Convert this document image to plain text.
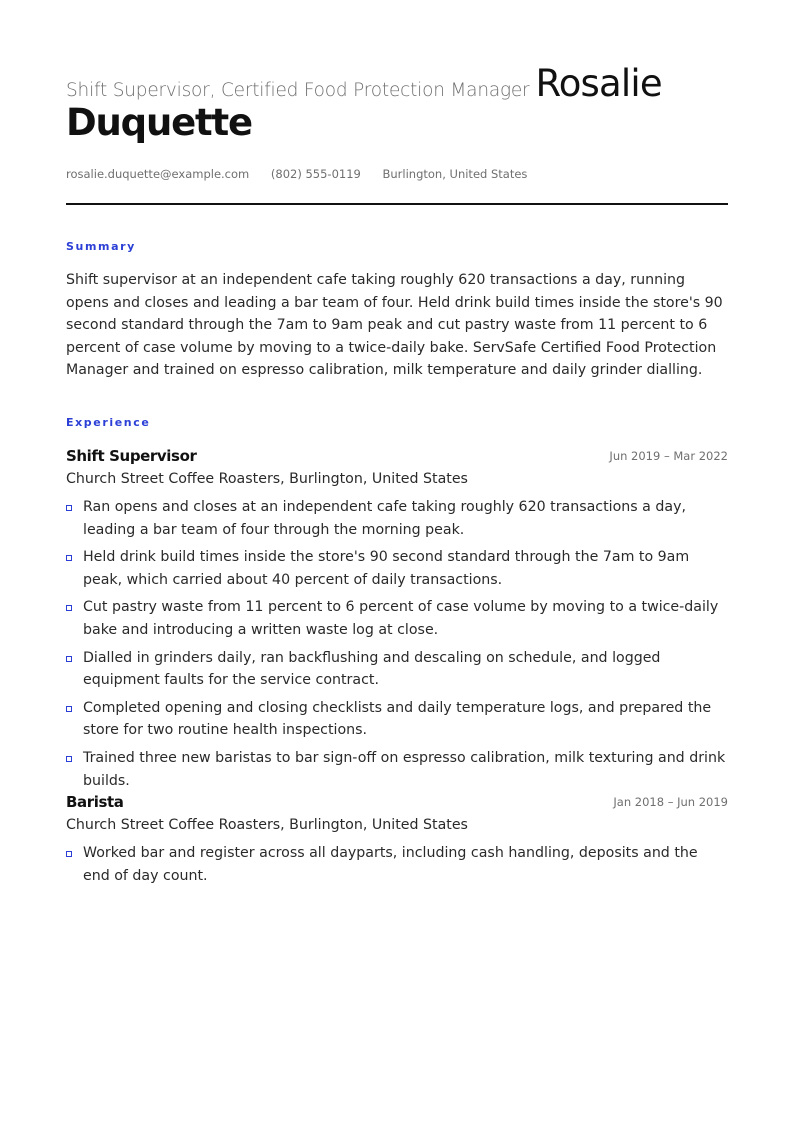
Shift Supervisor, Certified Food Protection Manager Rosalie
Duquette
rosalie.duquette@example.com (802) 555-0119 Burlington, United States
Summary
Shift supervisor at an independent cafe taking roughly 620 transactions a day, running opens and closes and leading a bar team of four. Held drink build times inside the store's 90 second standard through the 7am to 9am peak and cut pastry waste from 11 percent to 6 percent of case volume by moving to a twice-daily bake. ServSafe Certified Food Protection Manager and trained on espresso calibration, milk temperature and daily grinder dialling.
Experience
Shift Supervisor	Jun 2019 – Mar 2022
Church Street Coffee Roasters, Burlington, United States
Ran opens and closes at an independent cafe taking roughly 620 transactions a day, leading a bar team of four through the morning peak.
Held drink build times inside the store's 90 second standard through the 7am to 9am peak, which carried about 40 percent of daily transactions.
Cut pastry waste from 11 percent to 6 percent of case volume by moving to a twice-daily bake and introducing a written waste log at close.
Dialled in grinders daily, ran backflushing and descaling on schedule, and logged equipment faults for the service contract.
Completed opening and closing checklists and daily temperature logs, and prepared the store for two routine health inspections.
Trained three new baristas to bar sign-off on espresso calibration, milk texturing and drink builds.
Barista	Jan 2018 – Jun 2019
Church Street Coffee Roasters, Burlington, United States
Worked bar and register across all dayparts, including cash handling, deposits and the end of day count.
